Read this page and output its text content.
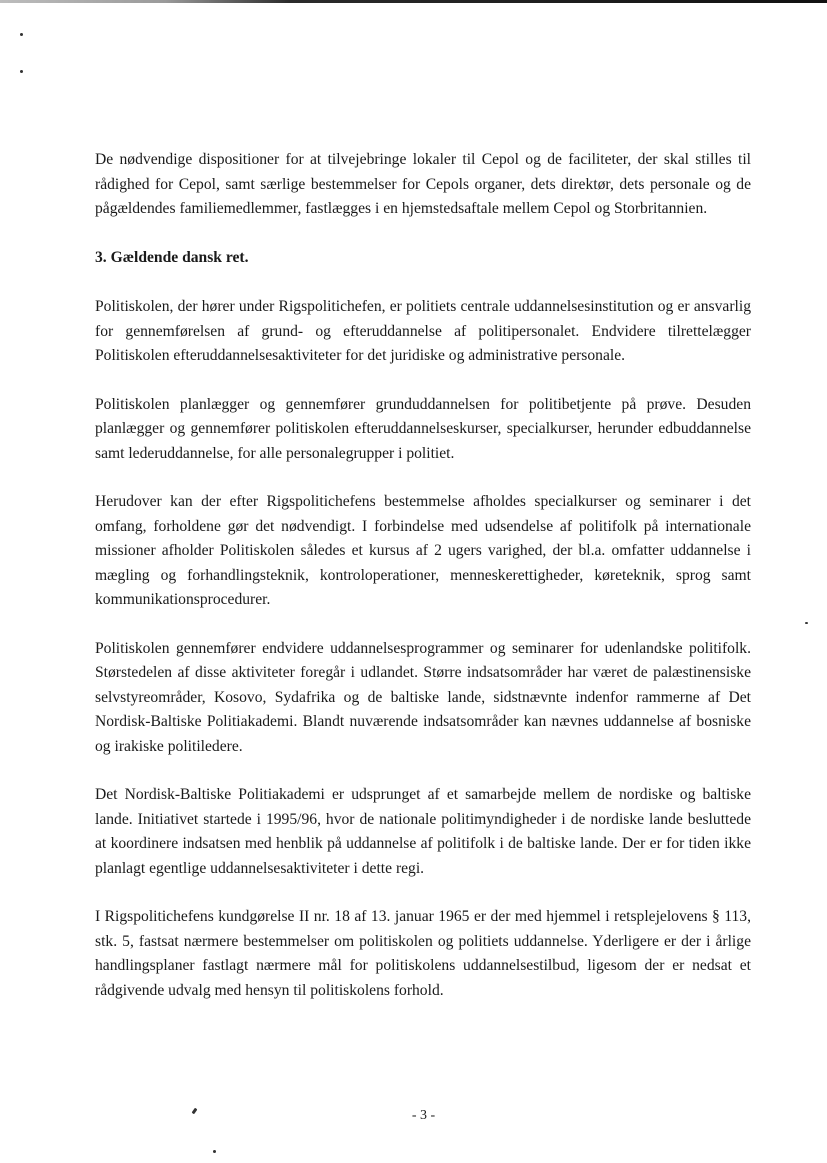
De nødvendige dispositioner for at tilvejebringe lokaler til Cepol og de faciliteter, der skal stilles til rådighed for Cepol, samt særlige bestemmelser for Cepols organer, dets direktør, dets personale og de pågældendes familiemedlemmer, fastlægges i en hjemstedsaftale mellem Cepol og Storbritannien.

3. Gældende dansk ret.

Politiskolen, der hører under Rigspolitichefen, er politiets centrale uddannelsesinstitution og er ansvarlig for gennemførelsen af grund- og efteruddannelse af politipersonalet. Endvidere tilrettelægger Politiskolen efteruddannelsesaktiviteter for det juridiske og administrative personale.

Politiskolen planlægger og gennemfører grunduddannelsen for politibetjente på prøve. Desuden planlægger og gennemfører politiskolen efteruddannelseskurser, specialkurser, herunder edbuddannelse samt lederuddannelse, for alle personalegrupper i politiet.

Herudover kan der efter Rigspolitichefens bestemmelse afholdes specialkurser og seminarer i det omfang, forholdene gør det nødvendigt. I forbindelse med udsendelse af politifolk på internationale missioner afholder Politiskolen således et kursus af 2 ugers varighed, der bl.a. omfatter uddannelse i mægling og forhandlingsteknik, kontroloperationer, menneskerettigheder, køreteknik, sprog samt kommunikationsprocedurer.

Politiskolen gennemfører endvidere uddannelsesprogrammer og seminarer for udenlandske politifolk. Størstedelen af disse aktiviteter foregår i udlandet. Større indsatsområder har været de palæstinensiske selvstyreområder, Kosovo, Sydafrika og de baltiske lande, sidstnævnte indenfor rammerne af Det Nordisk-Baltiske Politiakademi. Blandt nuværende indsatsområder kan nævnes uddannelse af bosniske og irakiske politiledere.

Det Nordisk-Baltiske Politiakademi er udsprunget af et samarbejde mellem de nordiske og baltiske lande. Initiativet startede i 1995/96, hvor de nationale politimyndigheder i de nordiske lande besluttede at koordinere indsatsen med henblik på uddannelse af politifolk i de baltiske lande. Der er for tiden ikke planlagt egentlige uddannelsesaktiviteter i dette regi.

I Rigspolitichefens kundgørelse II nr. 18 af 13. januar 1965 er der med hjemmel i retsplejelovens § 113, stk. 5, fastsat nærmere bestemmelser om politiskolen og politiets uddannelse. Yderligere er der i årlige handlingsplaner fastlagt nærmere mål for politiskolens uddannelsestilbud, ligesom der er nedsat et rådgivende udvalg med hensyn til politiskolens forhold.

- 3 -
